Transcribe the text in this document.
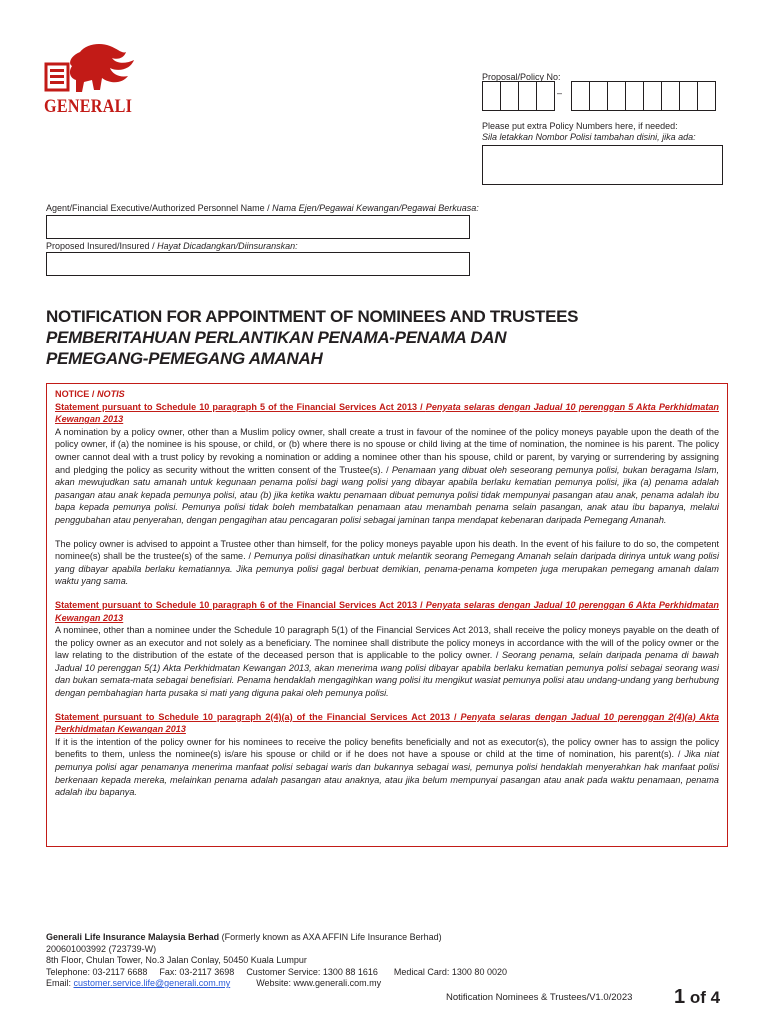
GENERALI
Proposal/Policy No:
–
Please put extra Policy Numbers here, if needed:
Sila letakkan Nombor Polisi tambahan disini, jika ada:
Agent/Financial Executive/Authorized Personnel Name / Nama Ejen/Pegawai Kewangan/Pegawai Berkuasa:
Proposed Insured/Insured / Hayat Dicadangkan/Diinsuranskan:
NOTIFICATION FOR APPOINTMENT OF NOMINEES AND TRUSTEES
PEMBERITAHUAN PERLANTIKAN PENAMA-PENAMA DAN
PEMEGANG-PEMEGANG AMANAH

NOTICE / NOTIS

Statement pursuant to Schedule 10 paragraph 5 of the Financial Services Act 2013 / Penyata selaras dengan Jadual 10 perenggan 5 Akta Perkhidmatan Kewangan 2013

A nomination by a policy owner, other than a Muslim policy owner, shall create a trust in favour of the nominee of the policy moneys payable upon the death of the policy owner, if (a) the nominee is his spouse, or child, or (b) where there is no spouse or child living at the time of nomination, the nominee is his parent. The policy owner cannot deal with a trust policy by revoking a nomination or adding a nominee other than his spouse, child or parent, by varying or surrendering by assigning and pledging the policy as security without the written consent of the Trustee(s). / Penamaan yang dibuat oleh seseorang pemunya polisi, bukan beragama Islam, akan mewujudkan satu amanah untuk kegunaan penama polisi bagi wang polisi yang dibayar apabila berlaku kematian pemunya polisi, jika (a) penama adalah pasangan atau anak kepada pemunya polisi, atau (b) jika ketika waktu penamaan dibuat pemunya polisi tidak mempunyai pasangan atau anak, penama adalah ibu bapa kepada pemunya polisi. Pemunya polisi tidak boleh membatalkan penamaan atau menambah penama selain pasangan, anak atau ibu bapanya, melalui penggubahan atau penyerahan, dengan pengagihan atau pencagaran polisi sebagai jaminan tanpa mendapat kebenaran daripada Pemegang Amanah.

The policy owner is advised to appoint a Trustee other than himself, for the policy moneys payable upon his death. In the event of his failure to do so, the competent nominee(s) shall be the trustee(s) of the same. / Pemunya polisi dinasihatkan untuk melantik seorang Pemegang Amanah selain daripada dirinya untuk wang polisi yang dibayar apabila berlaku kematiannya. Jika pemunya polisi gagal berbuat demikian, penama-penama kompeten juga merupakan pemegang amanah dalam waktu yang sama.

Statement pursuant to Schedule 10 paragraph 6 of the Financial Services Act 2013 / Penyata selaras dengan Jadual 10 perenggan 6 Akta Perkhidmatan Kewangan 2013

A nominee, other than a nominee under the Schedule 10 paragraph 5(1) of the Financial Services Act 2013, shall receive the policy moneys payable on the death of the policy owner as an executor and not solely as a beneficiary. The nominee shall distribute the policy moneys in accordance with the will of the policy owner or the law relating to the distribution of the estate of the deceased person that is applicable to the policy owner. / Seorang penama, selain daripada penama di bawah Jadual 10 perenggan 5(1) Akta Perkhidmatan Kewangan 2013, akan menerima wang polisi dibayar apabila berlaku kematian pemunya polisi sebagai seorang wasi dan bukan semata-mata sebagai benefisiari. Penama hendaklah mengagihkan wang polisi itu mengikut wasiat pemunya polisi atau undang-undang yang berhubung dengan pembahagian harta pusaka si mati yang diguna pakai oleh pemunya polisi.

Statement pursuant to Schedule 10 paragraph 2(4)(a) of the Financial Services Act 2013 / Penyata selaras dengan Jadual 10 perenggan 2(4)(a) Akta Perkhidmatan Kewangan 2013

If it is the intention of the policy owner for his nominees to receive the policy benefits beneficially and not as executor(s), the policy owner has to assign the policy benefits to them, unless the nominee(s) is/are his spouse or child or if he does not have a spouse or child at the time of nomination, his parent(s). / Jika niat pemunya polisi agar penamanya menerima manfaat polisi sebagai waris dan bukannya sebagai wasi, pemunya polisi hendaklah menyerahkan hak manfaat polisi berkenaan kepada mereka, melainkan penama adalah pasangan atau anaknya, atau jika belum mempunyai pasangan atau anak pada waktu penamaan, penama adalah ibu bapanya.

Generali Life Insurance Malaysia Berhad (Formerly known as AXA AFFIN Life Insurance Berhad)
200601003992 (723739-W)
8th Floor, Chulan Tower, No.3 Jalan Conlay, 50450 Kuala Lumpur
Telephone: 03-2117 6688 Fax: 03-2117 3698 Customer Service: 1300 88 1616 Medical Card: 1300 80 0020
Email: customer.service.life@generali.com.my	Website: www.generali.com.my
Notification Nominees & Trustees/V1.0/2023 1 of 4
